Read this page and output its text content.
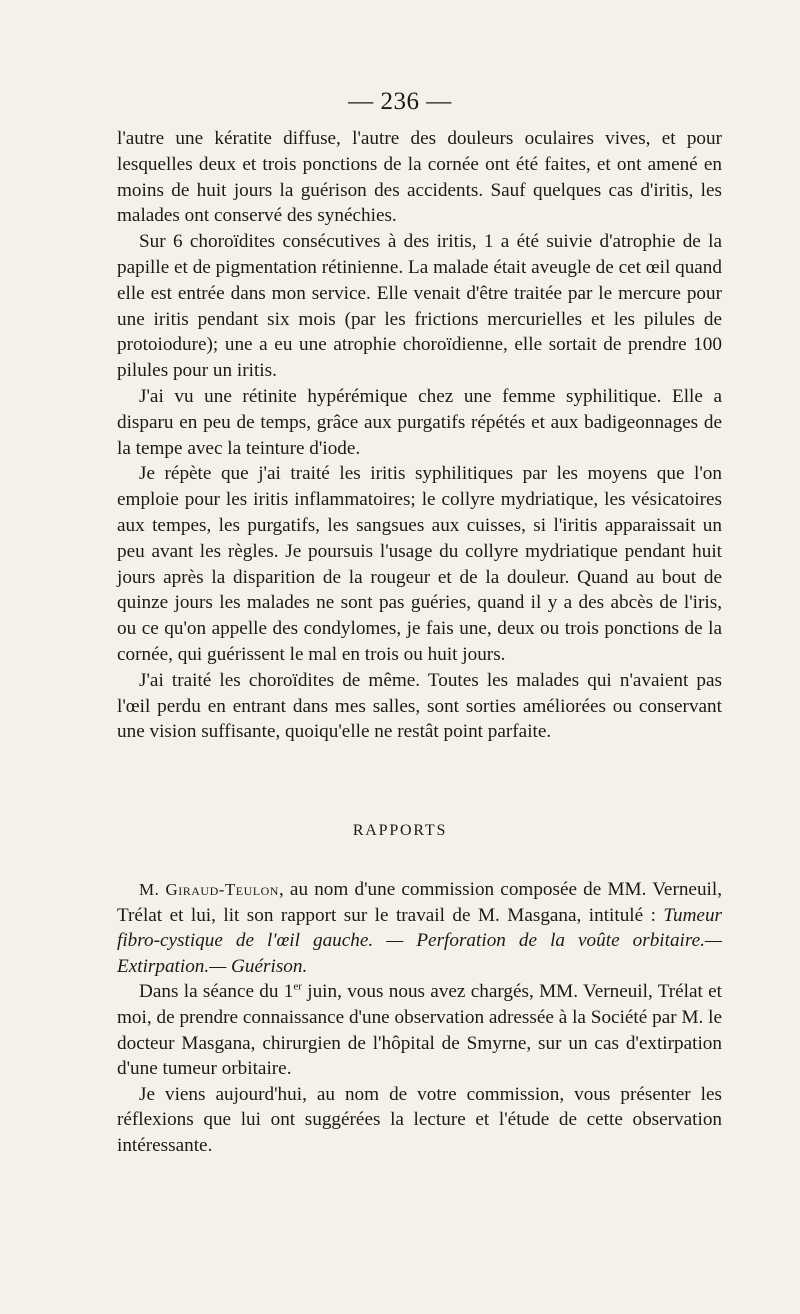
— 236 —

l'autre une kératite diffuse, l'autre des douleurs oculaires vives, et pour lesquelles deux et trois ponctions de la cornée ont été faites, et ont amené en moins de huit jours la guérison des accidents. Sauf quelques cas d'iritis, les malades ont conservé des synéchies.

Sur 6 choroïdites consécutives à des iritis, 1 a été suivie d'atrophie de la papille et de pigmentation rétinienne. La malade était aveugle de cet œil quand elle est entrée dans mon service. Elle venait d'être traitée par le mercure pour une iritis pendant six mois (par les frictions mercurielles et les pilules de protoiodure); une a eu une atrophie choroïdienne, elle sortait de prendre 100 pilules pour un iritis.

J'ai vu une rétinite hypérémique chez une femme syphilitique. Elle a disparu en peu de temps, grâce aux purgatifs répétés et aux badigeonnages de la tempe avec la teinture d'iode.

Je répète que j'ai traité les iritis syphilitiques par les moyens que l'on emploie pour les iritis inflammatoires; le collyre mydriatique, les vésicatoires aux tempes, les purgatifs, les sangsues aux cuisses, si l'iritis apparaissait un peu avant les règles. Je poursuis l'usage du collyre mydriatique pendant huit jours après la disparition de la rougeur et de la douleur. Quand au bout de quinze jours les malades ne sont pas guéries, quand il y a des abcès de l'iris, ou ce qu'on appelle des condylomes, je fais une, deux ou trois ponctions de la cornée, qui guérissent le mal en trois ou huit jours.

J'ai traité les choroïdites de même. Toutes les malades qui n'avaient pas l'œil perdu en entrant dans mes salles, sont sorties améliorées ou conservant une vision suffisante, quoiqu'elle ne restât point parfaite.

RAPPORTS

M. Giraud-Teulon, au nom d'une commission composée de MM. Verneuil, Trélat et lui, lit son rapport sur le travail de M. Masgana, intitulé : Tumeur fibro-cystique de l'œil gauche. — Perforation de la voûte orbitaire.— Extirpation.— Guérison.

Dans la séance du 1er juin, vous nous avez chargés, MM. Verneuil, Trélat et moi, de prendre connaissance d'une observation adressée à la Société par M. le docteur Masgana, chirurgien de l'hôpital de Smyrne, sur un cas d'extirpation d'une tumeur orbitaire.

Je viens aujourd'hui, au nom de votre commission, vous présenter les réflexions que lui ont suggérées la lecture et l'étude de cette observation intéressante.
